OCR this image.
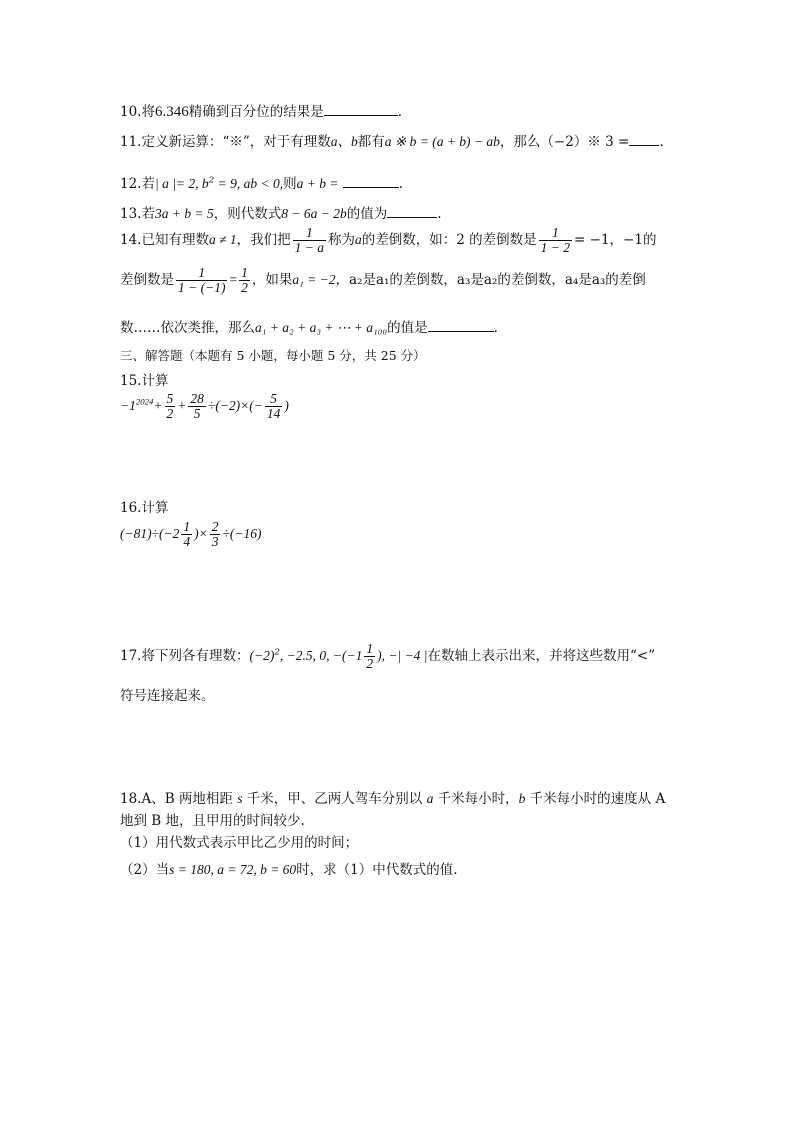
10.将6.346精确到百分位的结果是	.
11.定义新运算：“※”，对于有理数a、b都有a ※ b = (a + b) − ab，那么（−2）※ 3 = .
12.若| a |= 2, $b^2 = 9$, ab < 0,则a + b =	.
13.若3a + b = 5，则代数式8 − 6a − 2b的值为	.
14.已知有理数a ≠ 1，我们把 $\frac{1}{1 - a}$ 称为a的差倒数，如：2 的差倒数是 $\frac{1}{1 - 2} = -1$，−1的
差倒数是 $\frac{1}{1 - (-1)} = \frac{1}{2}$ ，如果a₁ = −2，a₂是a₁的差倒数，a₃是a₂的差倒数，a₄是a₃的差倒
数……依次类推，那么a₁ + a₂ + a₃ + ⋯ + a₁₀₀的值是	.
三、解答题（本题有 5 小题，每小题 5 分，共 25 分）
15.计算
$-1^{2024}+ \frac{5}{2} + \frac{28}{5} \div(-2)\times(- \frac{5}{14}$ )
16.计算
$(-81)\div(-2 \frac{1}{4}$ )× $\frac{2}{3} \div(-16)$
17.将下列各有理数：$(-2)^2$, −2.5, 0, $-(-1 \frac{1}{2}$ ), −| −4 |在数轴上表示出来，并将这些数用“<”
符号连接起来。
18.A、B 两地相距 s 千米，甲、乙两人驾车分别以 a 千米每小时，b 千米每小时的速度从 A
地到 B 地，且甲用的时间较少.
（1）用代数式表示甲比乙少用的时间；
（2）当s = 180, a = 72, b = 60时，求（1）中代数式的值.
